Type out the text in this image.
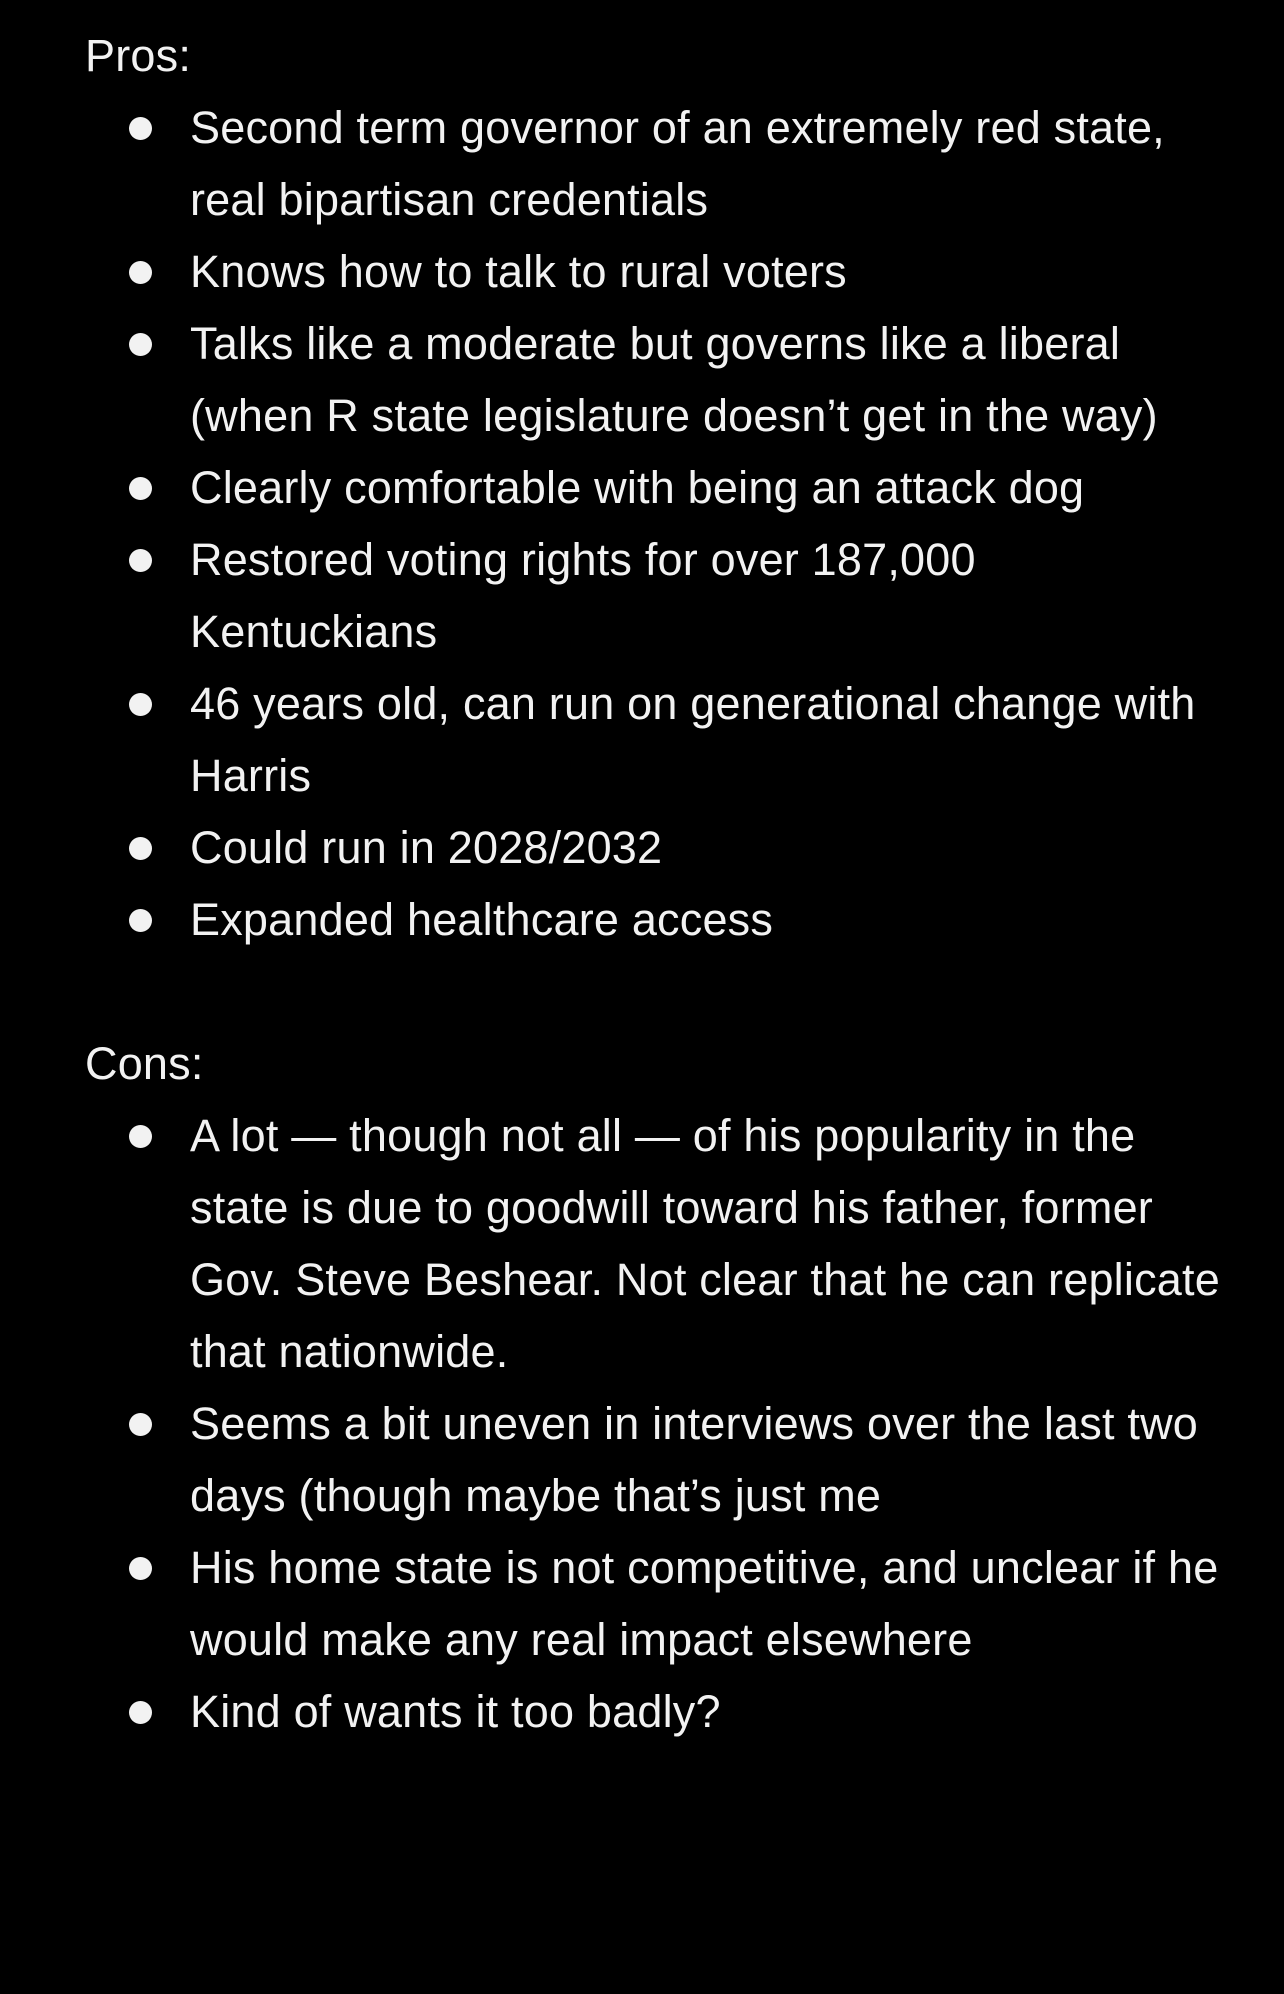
Pros:
Second term governor of an extremely red state, real bipartisan credentials
Knows how to talk to rural voters
Talks like a moderate but governs like a liberal (when R state legislature doesn’t get in the way)
Clearly comfortable with being an attack dog
Restored voting rights for over 187,000 Kentuckians
46 years old, can run on generational change with Harris
Could run in 2028/2032
Expanded healthcare access
Cons:
A lot — though not all — of his popularity in the state is due to goodwill toward his father, former Gov. Steve Beshear. Not clear that he can replicate that nationwide.
Seems a bit uneven in interviews over the last two days (though maybe that’s just me
His home state is not competitive, and unclear if he would make any real impact elsewhere
Kind of wants it too badly?
